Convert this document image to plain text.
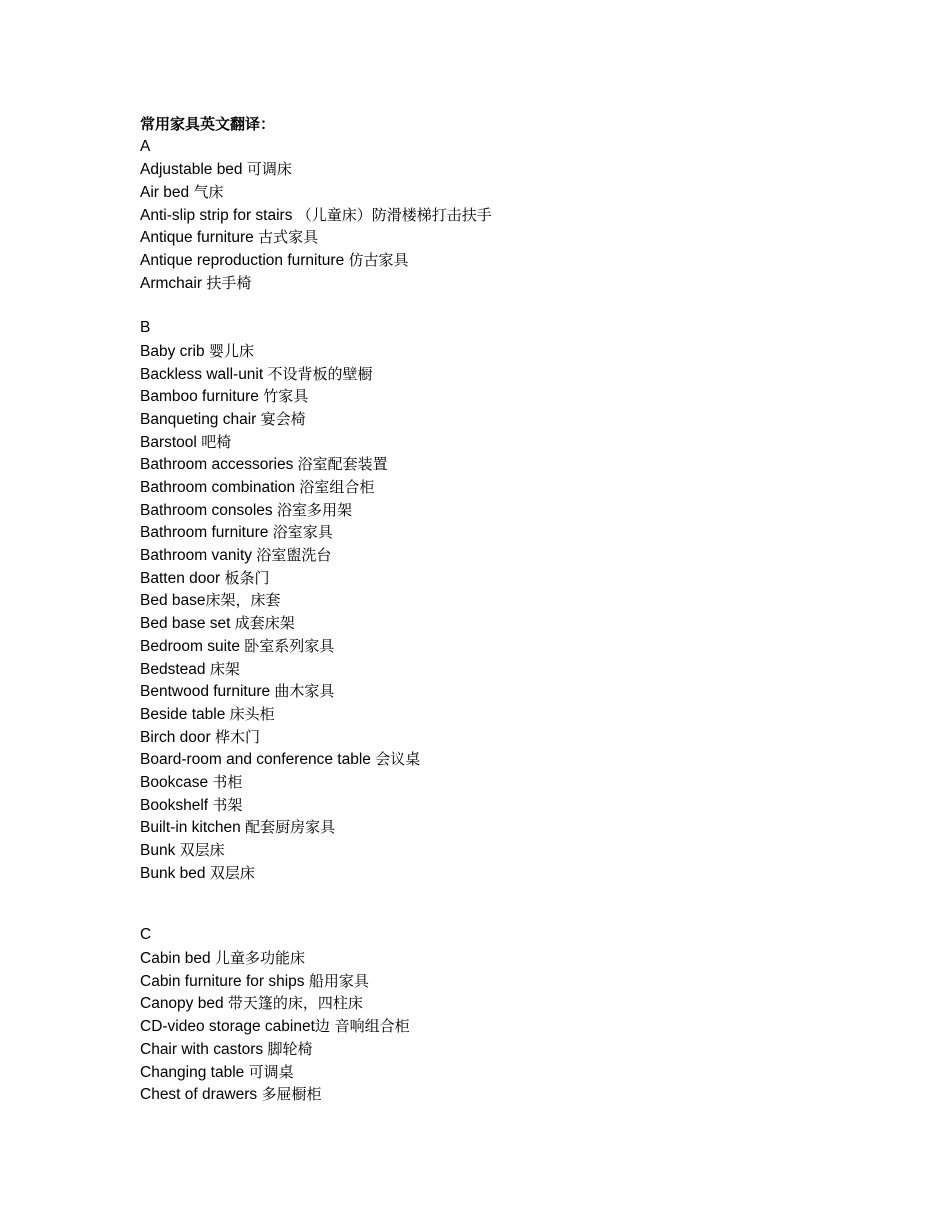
常用家具英文翻译：
A
Adjustable bed 可调床
Air bed 气床
Anti-slip strip for stairs （儿童床）防滑楼梯打击扶手
Antique furniture 古式家具
Antique reproduction furniture 仿古家具
Armchair 扶手椅
B
Baby crib 婴儿床
Backless wall-unit 不设背板的壁橱
Bamboo furniture 竹家具
Banqueting chair 宴会椅
Barstool 吧椅
Bathroom accessories 浴室配套装置
Bathroom combination 浴室组合柜
Bathroom consoles 浴室多用架
Bathroom furniture 浴室家具
Bathroom vanity 浴室盥洗台
Batten door 板条门
Bed base床架，床套
Bed base set 成套床架
Bedroom suite 卧室系列家具
Bedstead 床架
Bentwood furniture 曲木家具
Beside table 床头柜
Birch door 桦木门
Board-room and conference table 会议桌
Bookcase 书柜
Bookshelf 书架
Built-in kitchen 配套厨房家具
Bunk 双层床
Bunk bed 双层床
C
Cabin bed 儿童多功能床
Cabin furniture for ships 船用家具
Canopy bed 带天篷的床，四柱床
CD-video storage cabinet边 音响组合柜
Chair with castors 脚轮椅
Changing table 可调桌
Chest of drawers 多屉橱柜
